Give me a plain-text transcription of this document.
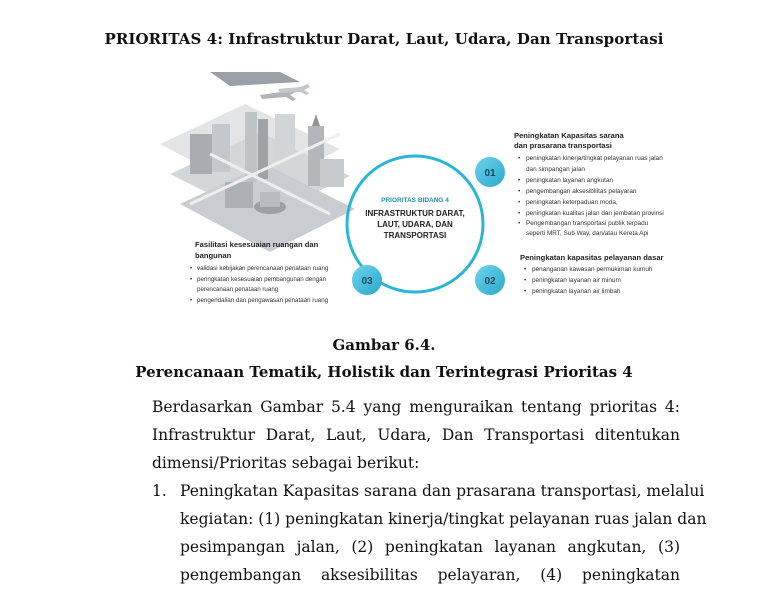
PRIORITAS 4: Infrastruktur Darat, Laut, Udara, Dan Transportasi
PRIORITAS BIDANG 4
INFRASTRUKTUR DARAT,
LAUT, UDARA, DAN
TRANSPORTASI
01
02
03
Peningkatan Kapasitas sarana
dan prasarana transportasi
• peningkatan kinerja/tingkat pelayanan ruas jalan
dan simpangan jalan
• peningkatan layanan angkutan
• pengembangan aksesibilitas pelayaran
• peningkatan keterpaduan moda,
• peningkatan kualitas jalan dan jembatan provinsi
• Pengembangan transportasi publik terpadu
seperti MRT, Sub Way, dan/atau Kereta Api
Peningkatan kapasitas pelayanan dasar
• penanganan kawasan permukiman kumuh
• peningkatan layanan air minum
• peningkatan layanan air limbah
Fasilitasi kesesuaian ruangan dan
bangunan
• validasi kebijakan perencanaan penataan ruang
• peringkatan kesesuaian pembangunan dengan
perencanaan penataan ruang
• pengendalian dan pengawasan penataan ruang
Gambar 6.4.
Perencanaan Tematik, Holistik dan Terintegrasi Prioritas 4
Berdasarkan Gambar 5.4 yang menguraikan tentang prioritas 4:
Infrastruktur Darat, Laut, Udara, Dan Transportasi ditentukan
dimensi/Prioritas sebagai berikut:
1. Peningkatan Kapasitas sarana dan prasarana transportasi, melalui
kegiatan: (1) peningkatan kinerja/tingkat pelayanan ruas jalan dan
pesimpangan jalan, (2) peningkatan layanan angkutan, (3)
pengembangan aksesibilitas pelayaran, (4) peningkatan
